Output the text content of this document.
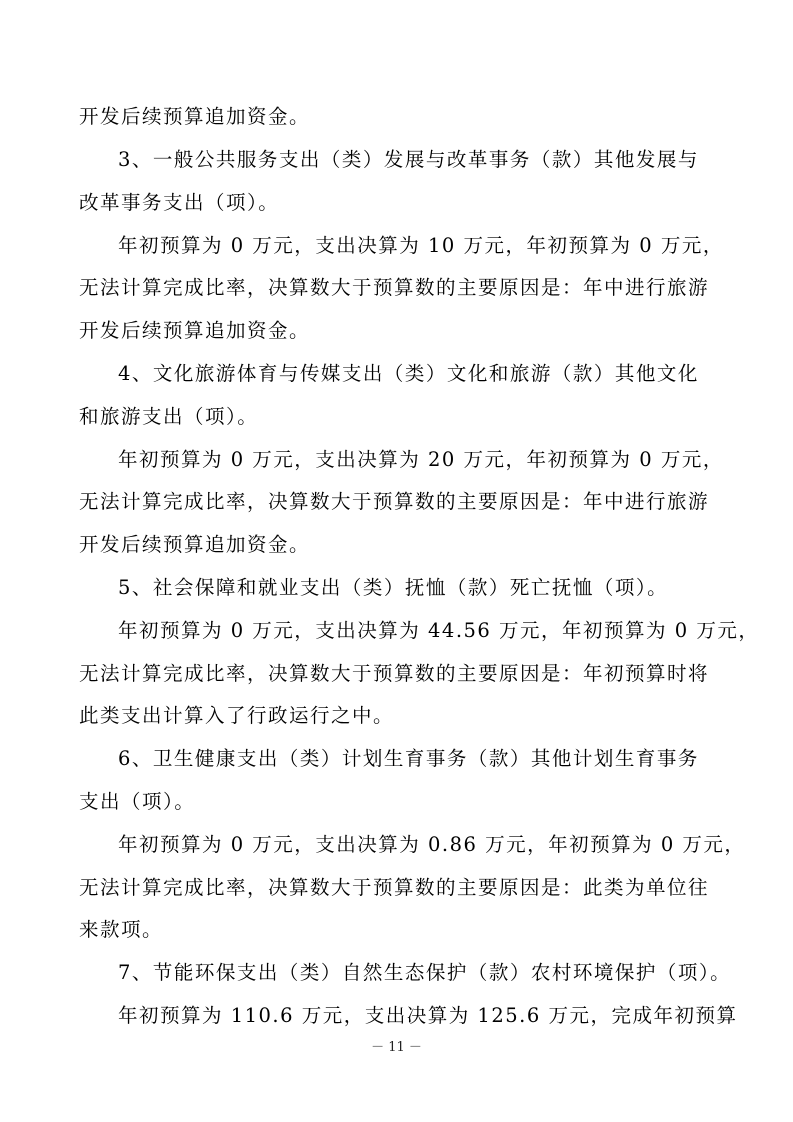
开发后续预算追加资金。
3、一般公共服务支出（类）发展与改革事务（款）其他发展与
改革事务支出（项）。
年初预算为 0 万元，支出决算为 10 万元，年初预算为 0 万元，
无法计算完成比率，决算数大于预算数的主要原因是：年中进行旅游
开发后续预算追加资金。
4、文化旅游体育与传媒支出（类）文化和旅游（款）其他文化
和旅游支出（项）。
年初预算为 0 万元，支出决算为 20 万元，年初预算为 0 万元，
无法计算完成比率，决算数大于预算数的主要原因是：年中进行旅游
开发后续预算追加资金。
5、社会保障和就业支出（类）抚恤（款）死亡抚恤（项）。
年初预算为 0 万元，支出决算为 44.56 万元，年初预算为 0 万元，
无法计算完成比率，决算数大于预算数的主要原因是：年初预算时将
此类支出计算入了行政运行之中。
6、卫生健康支出（类）计划生育事务（款）其他计划生育事务
支出（项）。
年初预算为 0 万元，支出决算为 0.86 万元，年初预算为 0 万元，
无法计算完成比率，决算数大于预算数的主要原因是：此类为单位往
来款项。
7、节能环保支出（类）自然生态保护（款）农村环境保护（项）。
年初预算为 110.6 万元，支出决算为 125.6 万元，完成年初预算
－ 11 －
